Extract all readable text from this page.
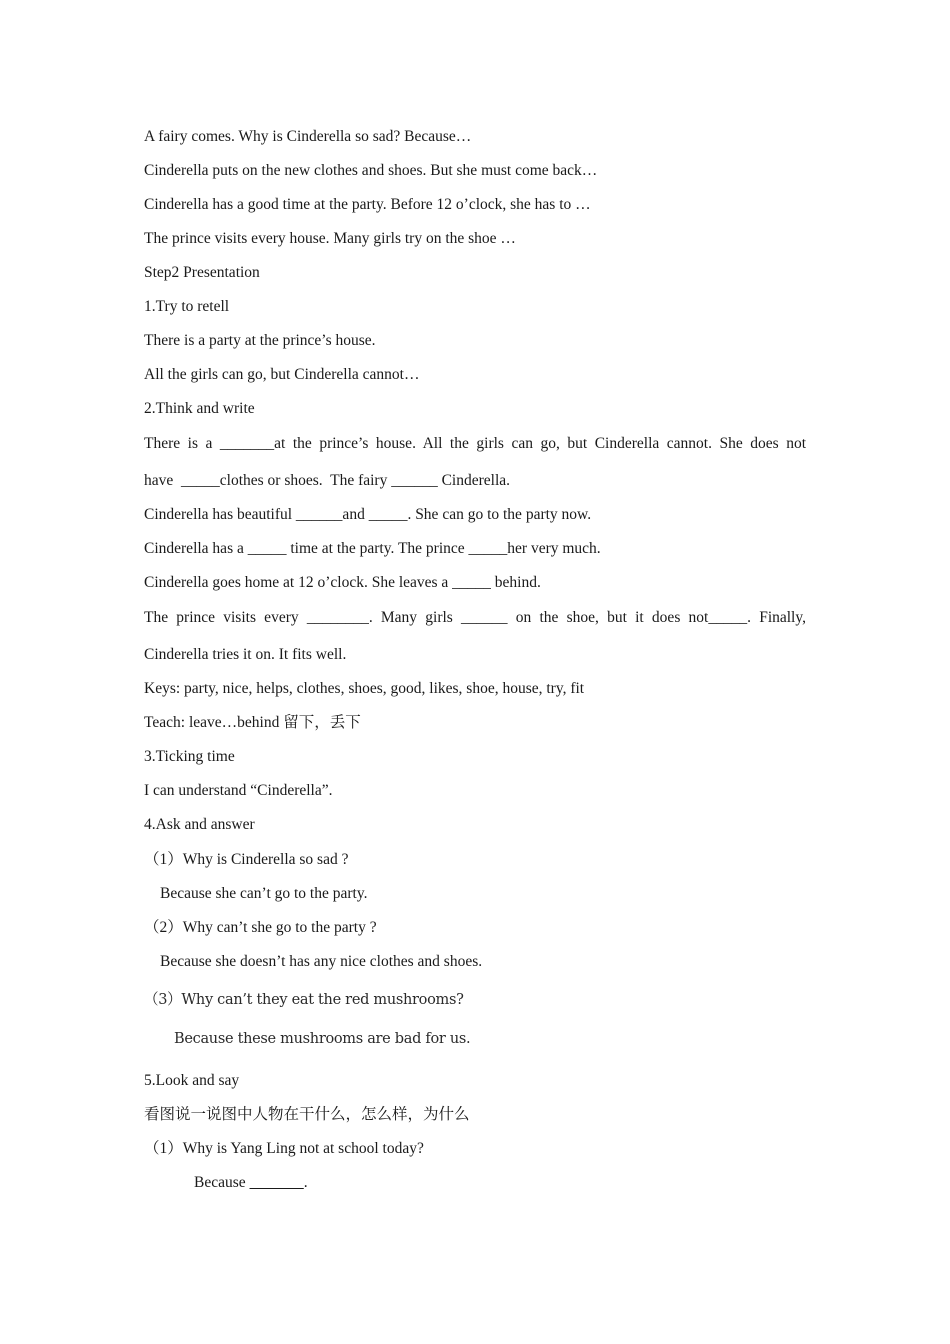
A fairy comes. Why is Cinderella so sad? Because…

Cinderella puts on the new clothes and shoes. But she must come back…

Cinderella has a good time at the party. Before 12 o’clock, she has to …

The prince visits every house. Many girls try on the shoe …

Step2 Presentation

1.Try to retell

There is a party at the prince’s house.

All the girls can go, but Cinderella cannot…

2.Think and write

There is a _______at the prince’s house. All the girls can go, but Cinderella cannot. She does not

have  _____clothes or shoes.  The fairy ______ Cinderella.

Cinderella has beautiful ______and _____. She can go to the party now.

Cinderella has a _____ time at the party. The prince _____her very much.

Cinderella goes home at 12 o’clock. She leaves a _____ behind.

The prince visits every ________. Many girls ______ on the shoe, but it does not_____. Finally,

Cinderella tries it on. It fits well.

Keys: party, nice, helps, clothes, shoes, good, likes, shoe, house, try, fit

Teach: leave…behind 留下，丢下

3.Ticking time

I can understand “Cinderella”.

4.Ask and answer

（1）Why is Cinderella so sad ?

Because she can’t go to the party.

（2）Why can’t she go to the party ?

Because she doesn’t has any nice clothes and shoes.

（3）Why can’t they eat the red mushrooms?

Because these mushrooms are bad for us.

5.Look and say

看图说一说图中人物在干什么，怎么样，为什么

（1）Why is Yang Ling not at school today?

Because	.
